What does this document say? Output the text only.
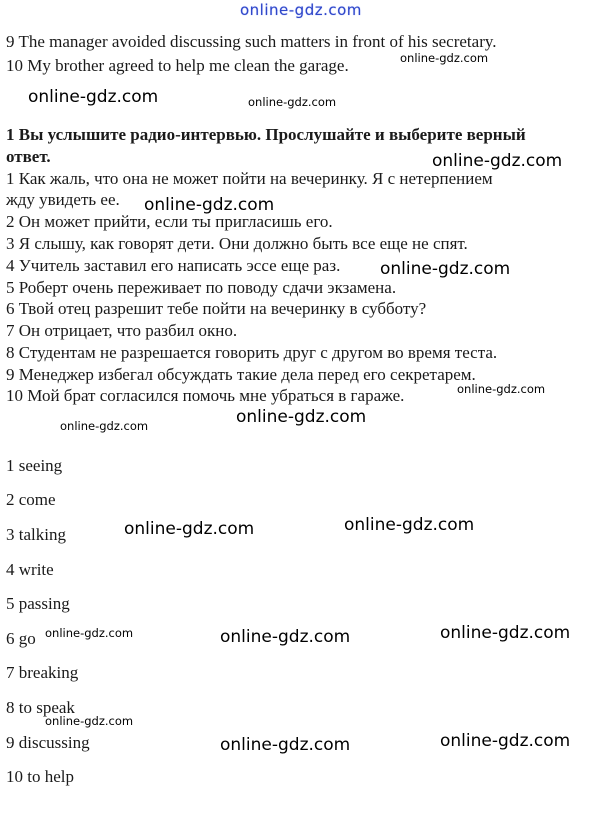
9 The manager avoided discussing such matters in front of his secretary.
10 My brother agreed to help me clean the garage.
1 Вы услышите радио-интервью. Прослушайте и выберите верный
ответ.
1 Как жаль, что она не может пойти на вечеринку. Я с нетерпением
жду увидеть ее.
2 Он может прийти, если ты пригласишь его.
3 Я слышу, как говорят дети. Они должно быть все еще не спят.
4 Учитель заставил его написать эссе еще раз.
5 Роберт очень переживает по поводу сдачи экзамена.
6 Твой отец разрешит тебе пойти на вечеринку в субботу?
7 Он отрицает, что разбил окно.
8 Студентам не разрешается говорить друг с другом во время теста.
9 Менеджер избегал обсуждать такие дела перед его секретарем.
10 Мой брат согласился помочь мне убраться в гараже.
1 seeing
2 come
3 talking
4 write
5 passing
6 go
7 breaking
8 to speak
9 discussing
10 to help
online-gdz.com
online-gdz.com
online-gdz.com	online-gdz.com
online-gdz.com
online-gdz.com
online-gdz.com
online-gdz.com
online-gdz.com
online-gdz.com
online-gdz.com
online-gdz.com
online-gdz.com
online-gdz.com	online-gdz.com
online-gdz.com
online-gdz.com
online-gdz.com
